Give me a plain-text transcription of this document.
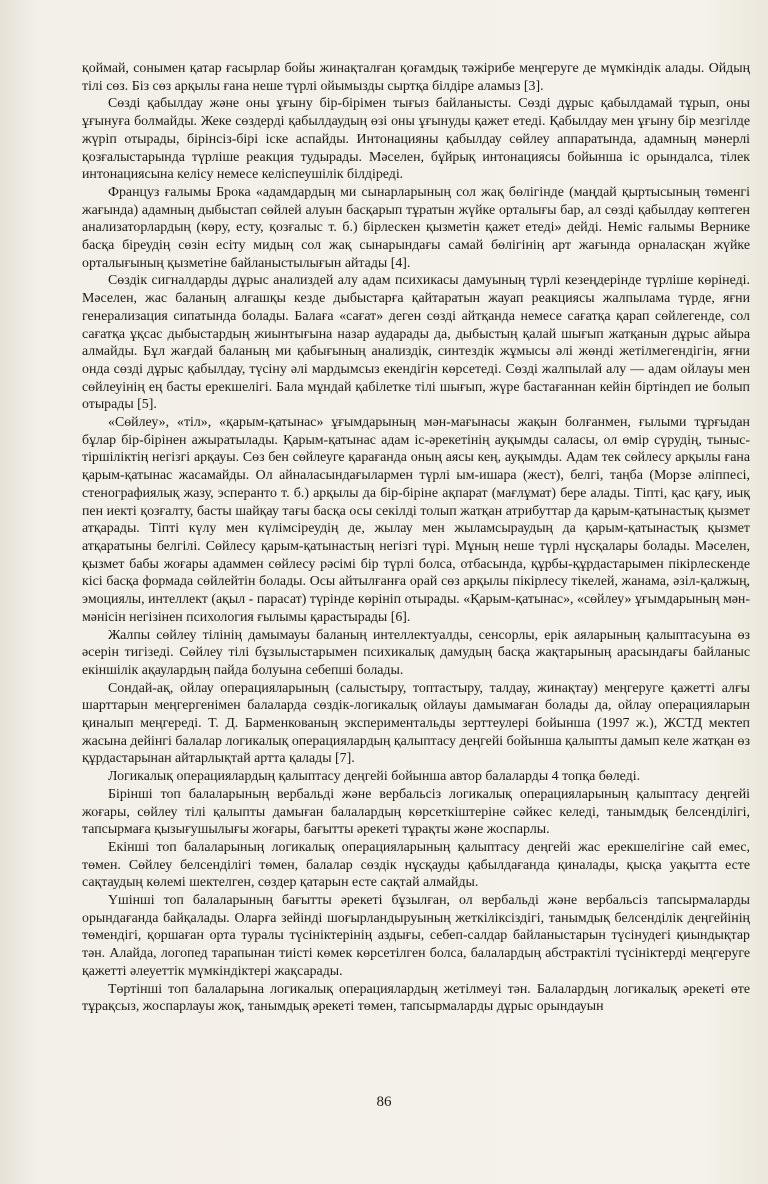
қоймай, сонымен қатар ғасырлар бойы жинақталған қоғамдық тәжірибе меңгеруге де мүмкіндік алады. Ойдың тілі сөз. Біз сөз арқылы ғана неше түрлі ойымызды сыртқа білдіре аламыз [3].

Сөзді қабылдау және оны ұғыну бір-бірімен тығыз байланысты. Сөзді дұрыс қабылдамай тұрып, оны ұғынуға болмайды. Жеке сөздерді қабылдаудың өзі оны ұғынуды қажет етеді. Қабылдау мен ұғыну бір мезгілде жүріп отырады, бірінсіз-бірі іске аспайды. Интонацияны қабылдау сөйлеу аппаратында, адамның мәнерлі қозғалыстарында түрліше реакция тудырады. Мәселен, бұйрық интонациясы бойынша іс орындалса, тілек интонациясына келісу немесе келіспеушілік білдіреді.

Француз ғалымы Брока «адамдардың ми сынарларының сол жақ бөлігінде (маңдай қыртысының төменгі жағында) адамның дыбыстап сөйлей алуын басқарып тұратын жүйке орталығы бар, ал сөзді қабылдау көптеген анализаторлардың (көру, есту, қозғалыс т. б.) бірлескен қызметін қажет етеді» дейді. Неміс ғалымы Вернике басқа біреудің сөзін есіту мидың сол жақ сынарындағы самай бөлігінің арт жағында орналасқан жүйке орталығының қызметіне байланыстылығын айтады [4].

Сөздік сигналдарды дұрыс анализдей алу адам психикасы дамуының түрлі кезеңдерінде түрліше көрінеді. Мәселен, жас баланың алғашқы кезде дыбыстарға қайтаратын жауап реакциясы жалпылама түрде, яғни генерализация сипатында болады. Балаға «сағат» деген сөзді айтқанда немесе сағатқа қарап сөйлегенде, сол сағатқа ұқсас дыбыстардың жиынтығына назар аударады да, дыбыстың қалай шығып жатқанын дұрыс айыра алмайды. Бұл жағдай баланың ми қабығының анализдік, синтездік жұмысы әлі жөнді жетілмегендігін, яғни онда сөзді дұрыс қабылдау, түсіну әлі мардымсыз екендігін көрсетеді. Сөзді жалпылай алу — адам ойлауы мен сөйлеуінің ең басты ерекшелігі. Бала мұндай қабілетке тілі шығып, жүре бастағаннан кейін біртіндеп ие болып отырады [5].

«Сөйлеу», «тіл», «қарым-қатынас» ұғымдарының мән-мағынасы жақын болғанмен, ғылыми тұрғыдан бұлар бір-бірінен ажыратылады. Қарым-қатынас адам іс-әрекетінің ауқымды саласы, ол өмір сүрудің, тыныс-тіршіліктің негізгі арқауы. Сөз бен сөйлеуге қарағанда оның аясы кең, ауқымды. Адам тек сөйлесу арқылы ғана қарым-қатынас жасамайды. Ол айналасындағылармен түрлі ым-ишара (жест), белгі, таңба (Морзе әліппесі, стенографиялық жазу, эсперанто т. б.) арқылы да бір-біріне ақпарат (мағлұмат) бере алады. Тіпті, қас қағу, иық пен иекті қозғалту, басты шайқау тағы басқа осы секілді толып жатқан атрибуттар да қарым-қатынастық қызмет атқарады. Тіпті күлу мен күлімсіреудің де, жылау мен жыламсыраудың да қарым-қатынастық қызмет атқаратыны белгілі. Сөйлесу қарым-қатынастың негізгі түрі. Мұның неше түрлі нұсқалары болады. Мәселен, қызмет бабы жоғары адаммен сөйлесу рәсімі бір түрлі болса, отбасында, құрбы-құрдастарымен пікірлескенде кісі басқа формада сөйлейтін болады. Осы айтылғанға орай сөз арқылы пікірлесу тікелей, жанама, әзіл-қалжың, эмоциялы, интеллект (ақыл - парасат) түрінде көрініп отырады. «Қарым-қатынас», «сөйлеу» ұғымдарының мән-мәнісін негізінен психология ғылымы қарастырады [6].

Жалпы сөйлеу тілінің дамымауы баланың интеллектуалды, сенсорлы, ерік аяларының қалыптасуына өз әсерін тигізеді. Сөйлеу тілі бұзылыстарымен психикалық дамудың басқа жақтарының арасындағы байланыс екіншілік ақаулардың пайда болуына себепші болады.

Сондай-ақ, ойлау операцияларының (салыстыру, топтастыру, талдау, жинақтау) меңгеруге қажетті алғы шарттарын меңгергенімен балаларда сөздік-логикалық ойлауы дамымаған болады да, ойлау операцияларын қиналып меңгереді. Т. Д. Барменкованың экспериментальды зерттеулері бойынша (1997 ж.), ЖСТД мектеп жасына дейінгі балалар логикалық операциялардың қалыптасу деңгейі бойынша қалыпты дамып келе жатқан өз құрдастарынан айтарлықтай артта қалады [7].

Логикалық операциялардың қалыптасу деңгейі бойынша автор балаларды 4 топқа бөледі.

Бірінші топ балаларының вербальді және вербальсіз логикалық операцияларының қалыптасу деңгейі жоғары, сөйлеу тілі қалыпты дамыған балалардың көрсеткіштеріне сәйкес келеді, танымдық белсенділігі, тапсырмаға қызығушылығы жоғары, бағытты әрекеті тұрақты және жоспарлы.

Екінші топ балаларының логикалық операцияларының қалыптасу деңгейі жас ерекшелігіне сай емес, төмен. Сөйлеу белсенділігі төмен, балалар сөздік нұсқауды қабылдағанда қиналады, қысқа уақытта есте сақтаудың көлемі шектелген, сөздер қатарын есте сақтай алмайды.

Үшінші топ балаларының бағытты әрекеті бұзылған, ол вербальді және вербальсіз тапсырмаларды орындағанда байқалады. Оларға зейінді шоғырландыруының жеткіліксіздігі, танымдық белсенділік деңгейінің төмендігі, қоршаған орта туралы түсініктерінің аздығы, себеп-салдар байланыстарын түсінудегі қиындықтар тән. Алайда, логопед тарапынан тиісті көмек көрсетілген болса, балалардың абстрактілі түсініктерді меңгеруге қажетті әлеуеттік мүмкіндіктері жақсарады.

Төртінші топ балаларына логикалық операциялардың жетілмеуі тән. Балалардың логикалық әрекеті өте тұрақсыз, жоспарлауы жоқ, танымдық әрекеті төмен, тапсырмаларды дұрыс орындауын

86
